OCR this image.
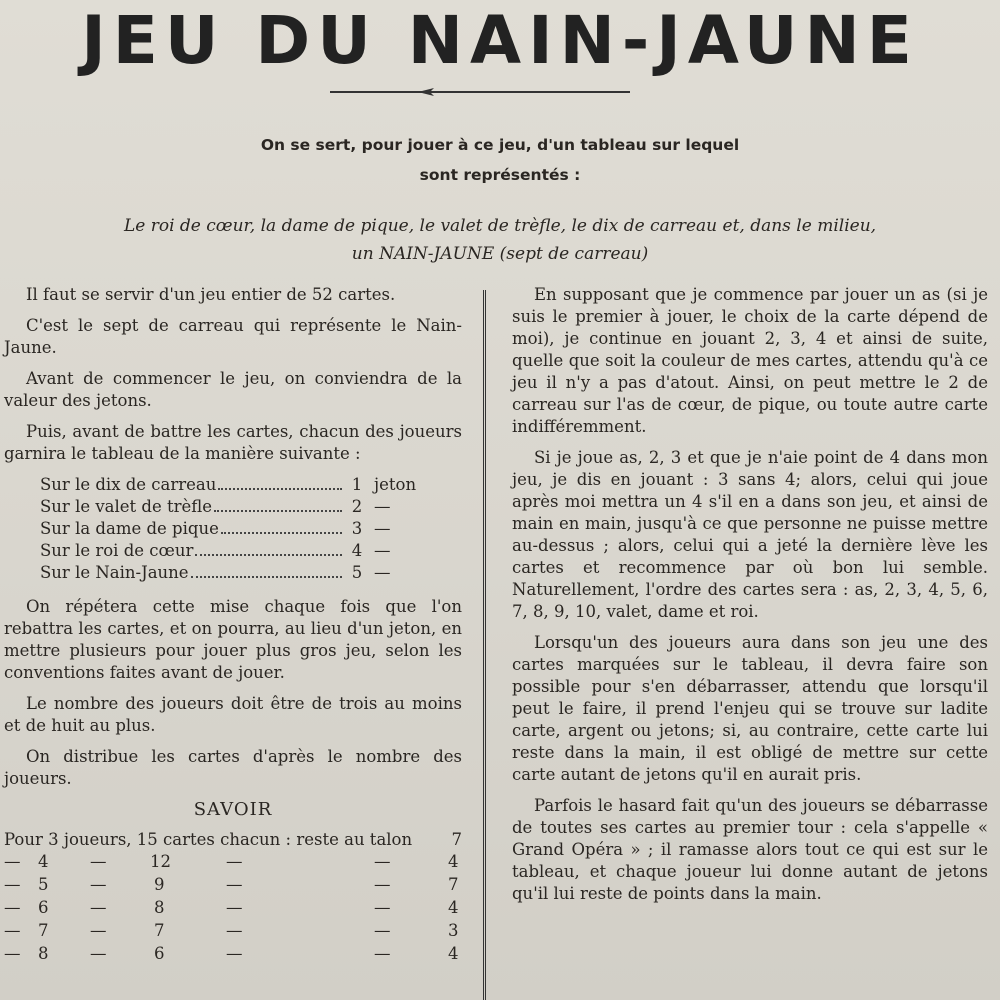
JEU DU NAIN-JAUNE
On se sert, pour jouer à ce jeu, d'un tableau sur lequel
sont représentés :
Le roi de cœur, la dame de pique, le valet de trèfle, le dix de carreau et, dans le milieu,
un NAIN-JAUNE (sept de carreau)

Il faut se servir d'un jeu entier de 52 cartes.

C'est le sept de carreau qui représente le Nain-Jaune.

Avant de commencer le jeu, on conviendra de la valeur des jetons.

Puis, avant de battre les cartes, chacun des joueurs garnira le tableau de la manière suivante :

Sur le dix de carreau	1 jeton
Sur le valet de trèfle	2 —
Sur la dame de pique	3 —
Sur le roi de cœur	4 —
Sur le Nain-Jaune	5 —

On répétera cette mise chaque fois que l'on rebattra les cartes, et on pourra, au lieu d'un jeton, en mettre plusieurs pour jouer plus gros jeu, selon les conventions faites avant de jouer.

Le nombre des joueurs doit être de trois au moins et de huit au plus.

On distribue les cartes d'après le nombre des joueurs.

SAVOIR
Pour 3 joueurs, 15 cartes chacun : reste au talon 7
— 4	—	12	—	—	4
— 5	—	9	—	—	7
— 6	—	8	—	—	4
— 7	—	7	—	—	3
— 8	—	6	—	—	4

En supposant que je commence par jouer un as (si je suis le premier à jouer, le choix de la carte dépend de moi), je continue en jouant 2, 3, 4 et ainsi de suite, quelle que soit la couleur de mes cartes, attendu qu'à ce jeu il n'y a pas d'atout. Ainsi, on peut mettre le 2 de carreau sur l'as de cœur, de pique, ou toute autre carte indifféremment.

Si je joue as, 2, 3 et que je n'aie point de 4 dans mon jeu, je dis en jouant : 3 sans 4; alors, celui qui joue après moi mettra un 4 s'il en a dans son jeu, et ainsi de main en main, jusqu'à ce que personne ne puisse mettre au-dessus ; alors, celui qui a jeté la dernière lève les cartes et recommence par où bon lui semble. Naturellement, l'ordre des cartes sera : as, 2, 3, 4, 5, 6, 7, 8, 9, 10, valet, dame et roi.

Lorsqu'un des joueurs aura dans son jeu une des cartes marquées sur le tableau, il devra faire son possible pour s'en débarrasser, attendu que lorsqu'il peut le faire, il prend l'enjeu qui se trouve sur ladite carte, argent ou jetons; si, au contraire, cette carte lui reste dans la main, il est obligé de mettre sur cette carte autant de jetons qu'il en aurait pris.

Parfois le hasard fait qu'un des joueurs se débarrasse de toutes ses cartes au premier tour : cela s'appelle « Grand Opéra » ; il ramasse alors tout ce qui est sur le tableau, et chaque joueur lui donne autant de jetons qu'il lui reste de points dans la main.
